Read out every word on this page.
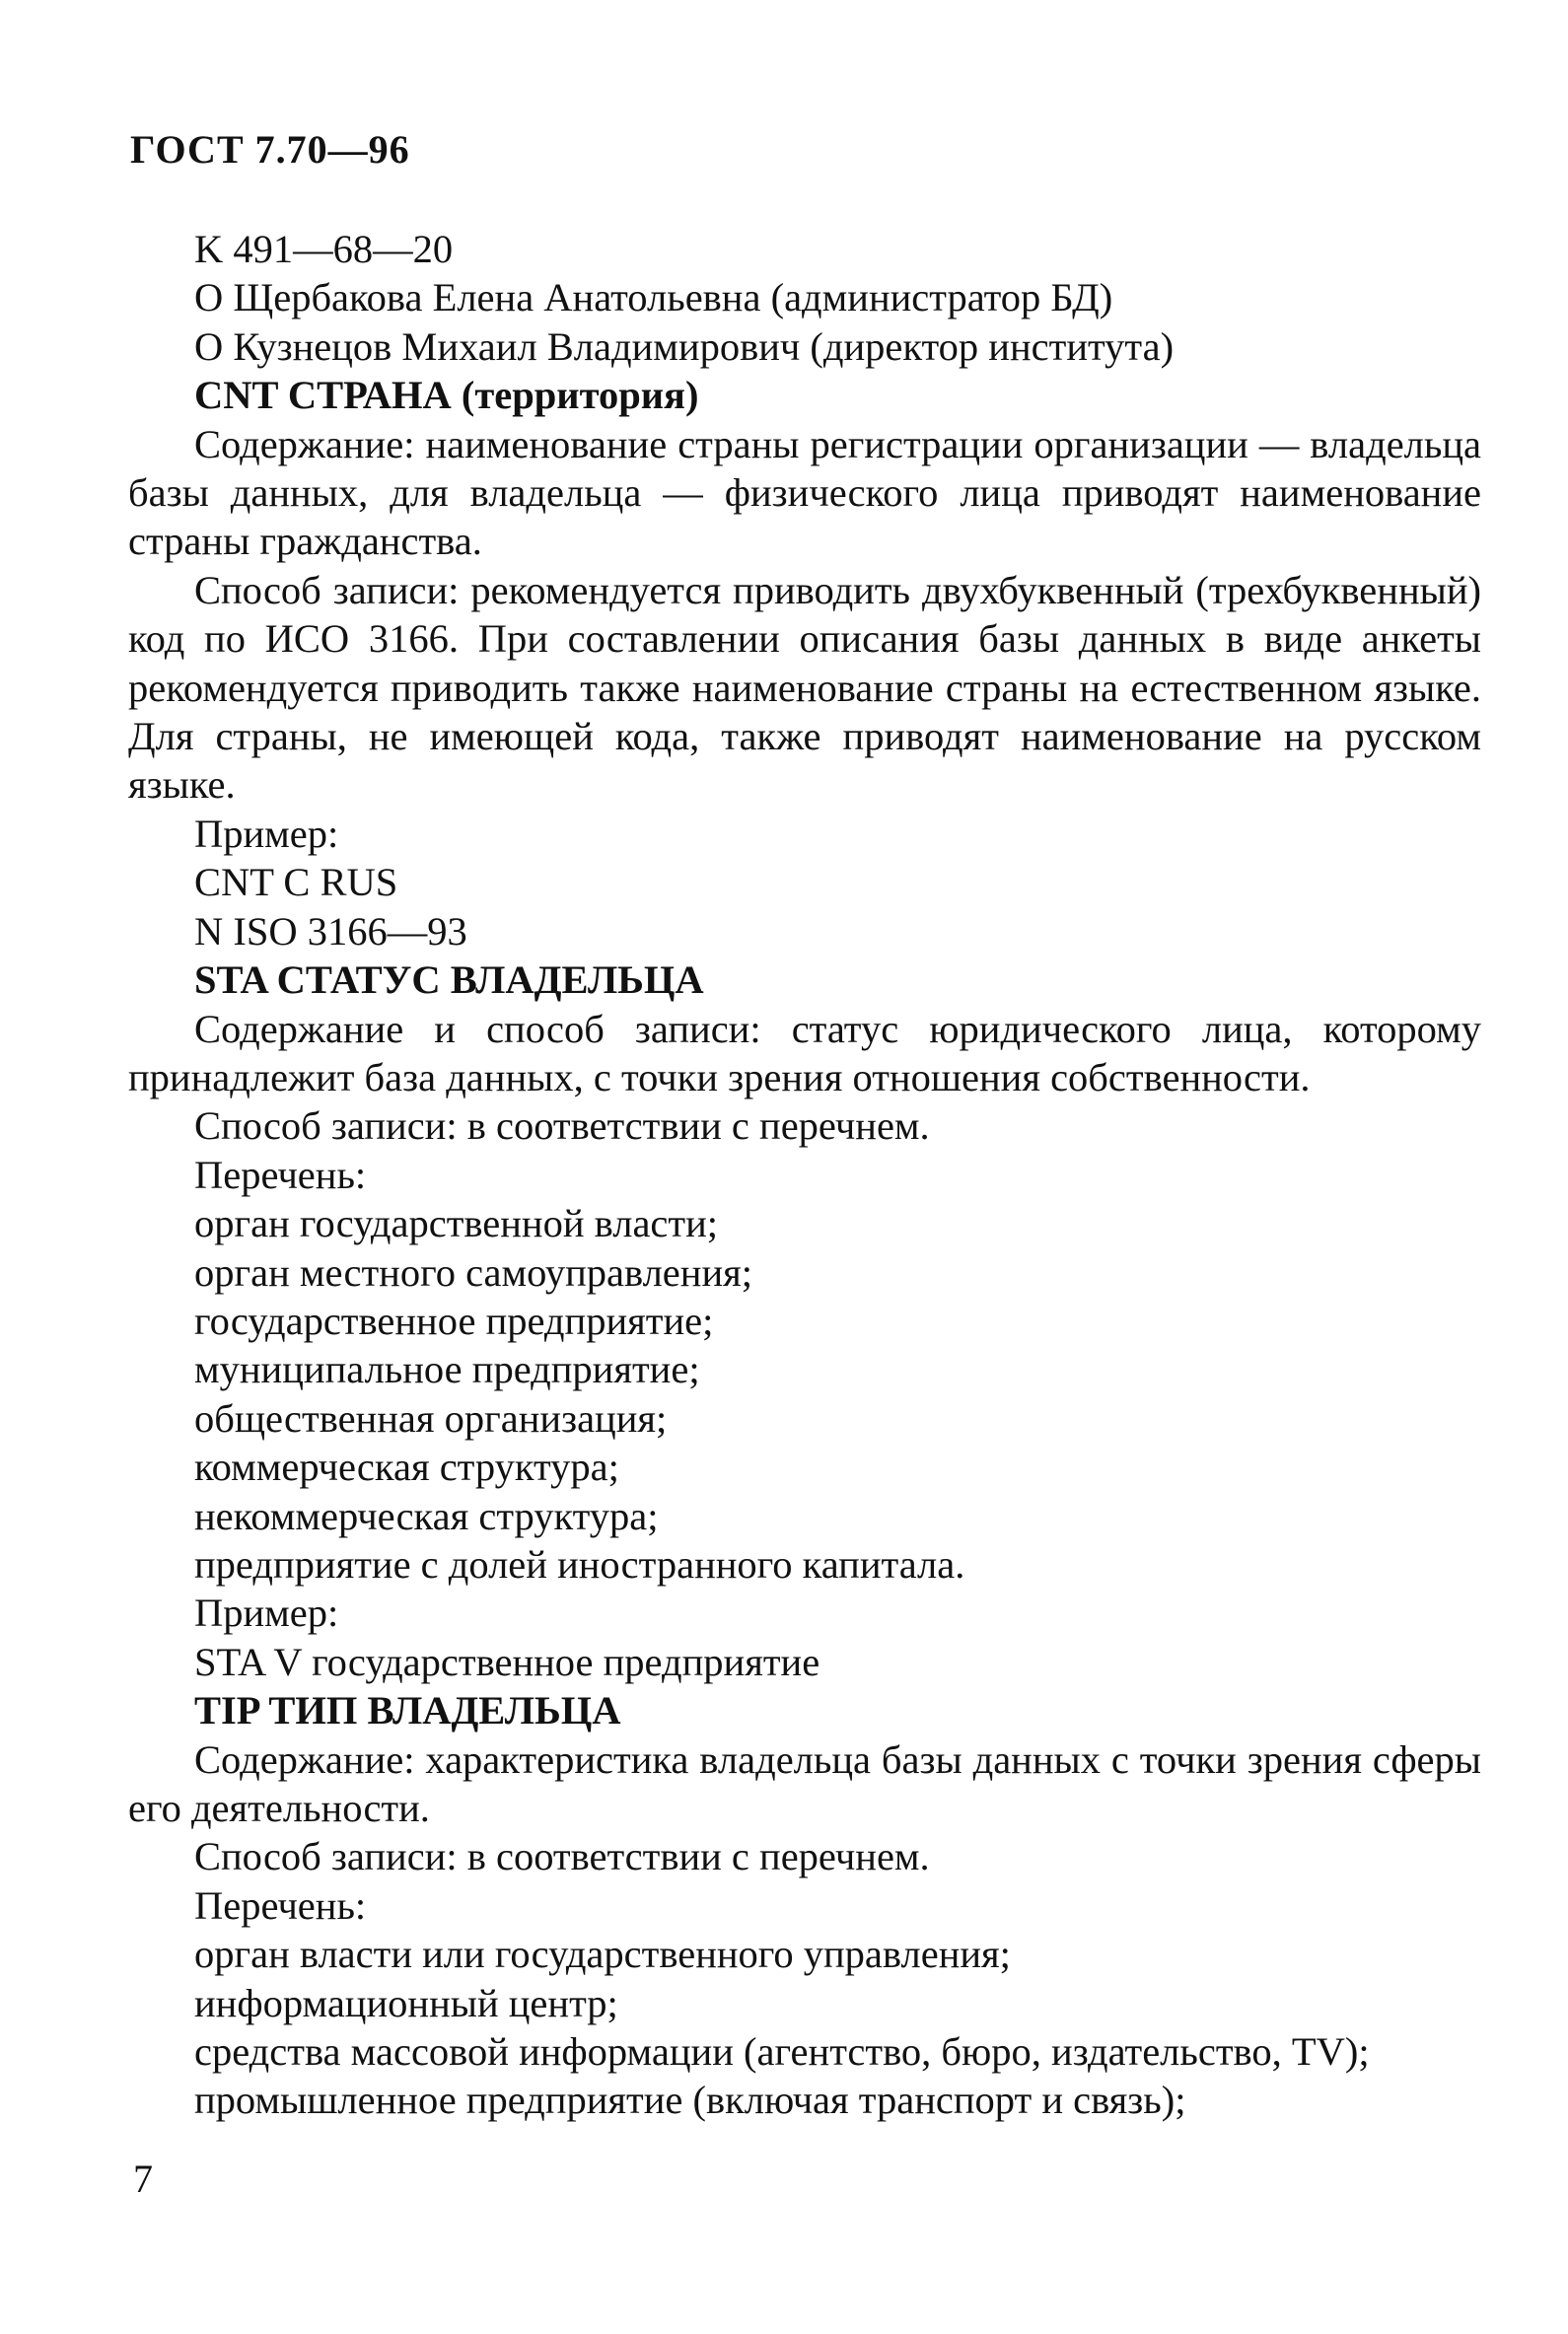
ГОСТ 7.70—96
K 491—68—20
О Щербакова Елена Анатольевна (администратор БД)
О Кузнецов Михаил Владимирович (директор института)
CNT СТРАНА (территория)
Содержание: наименование страны регистрации организации — владельца базы данных, для владельца — физического лица приводят наименование страны гражданства.
Способ записи: рекомендуется приводить двухбуквенный (трехбуквенный) код по ИСО 3166. При составлении описания базы данных в виде анкеты рекомендуется приводить также наименование страны на естественном языке. Для страны, не имеющей кода, также приводят наименование на русском языке.
Пример:
CNT C RUS
N ISO 3166—93
STA СТАТУС ВЛАДЕЛЬЦА
Содержание и способ записи: статус юридического лица, которому принадлежит база данных, с точки зрения отношения собственности.
Способ записи: в соответствии с перечнем.
Перечень:
орган государственной власти;
орган местного самоуправления;
государственное предприятие;
муниципальное предприятие;
общественная организация;
коммерческая структура;
некоммерческая структура;
предприятие с долей иностранного капитала.
Пример:
STA V государственное предприятие
TIP ТИП ВЛАДЕЛЬЦА
Содержание: характеристика владельца базы данных с точки зрения сферы его деятельности.
Способ записи: в соответствии с перечнем.
Перечень:
орган власти или государственного управления;
информационный центр;
средства массовой информации (агентство, бюро, издательство, TV);
промышленное предприятие (включая транспорт и связь);
7
